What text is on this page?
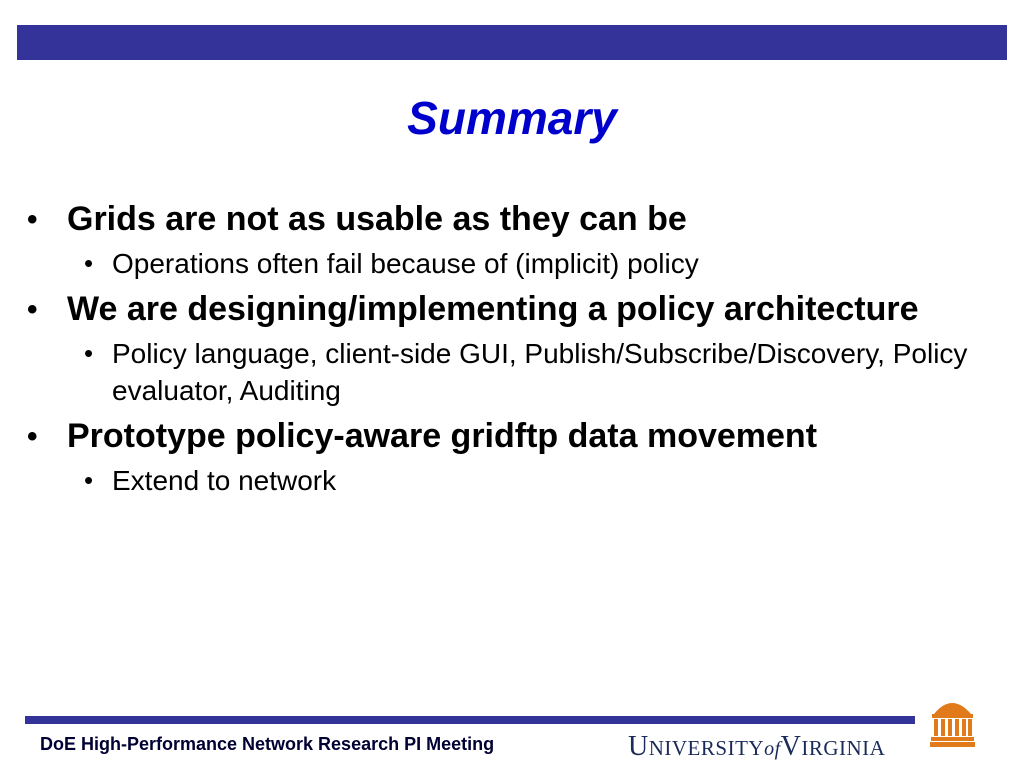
Summary
• Grids are not as usable as they can be
• Operations often fail because of (implicit) policy
• We are designing/implementing a policy architecture
• Policy language, client-side GUI, Publish/Subscribe/Discovery, Policy evaluator, Auditing
• Prototype policy-aware gridftp data movement
• Extend to network
DoE High-Performance Network Research PI Meeting	UNIVERSITYofVIRGINIA
